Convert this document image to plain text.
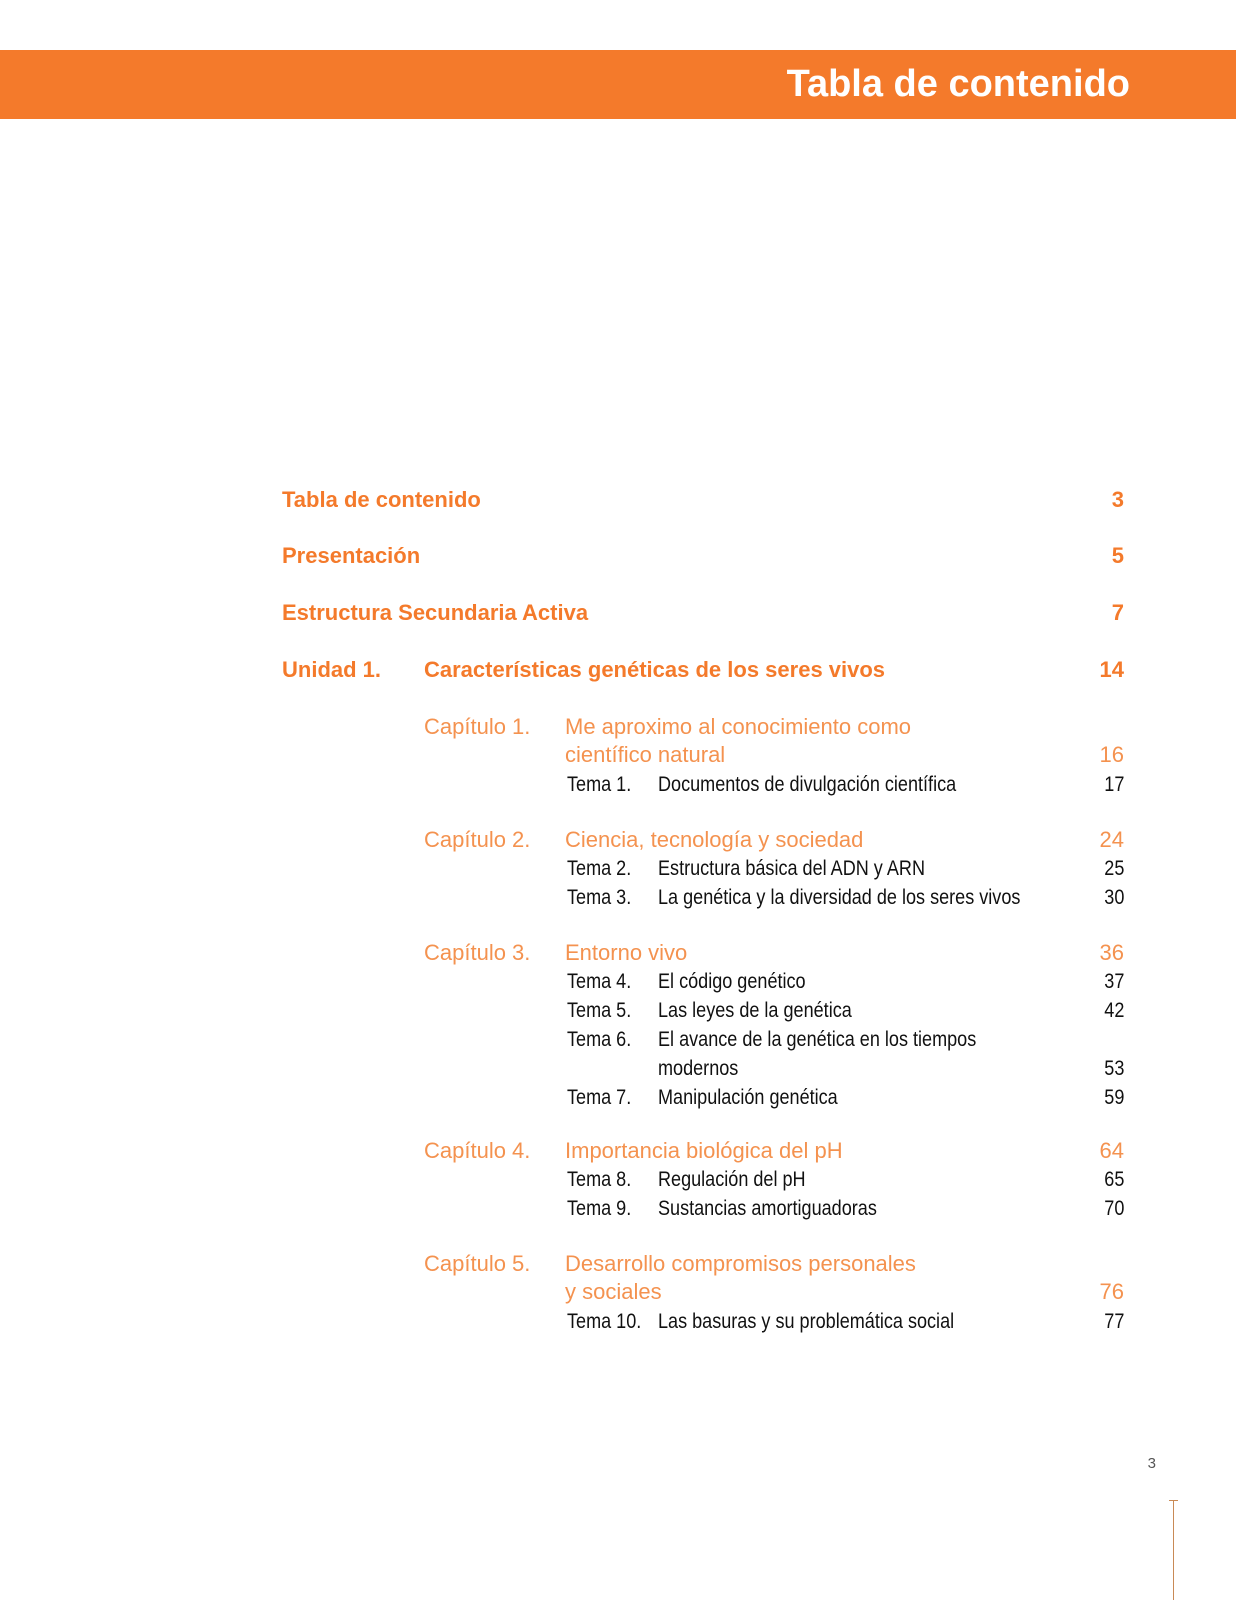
Tabla de contenido
Tabla de contenido	3
Presentación	5
Estructura Secundaria Activa	7
Unidad 1. Características genéticas de los seres vivos	14
Capítulo 1. Me aproximo al conocimiento como
científico natural	16
Tema 1. Documentos de divulgación científica	17
Capítulo 2. Ciencia, tecnología y sociedad	24
Tema 2. Estructura básica del ADN y ARN	25
Tema 3. La genética y la diversidad de los seres vivos	30
Capítulo 3. Entorno vivo	36
Tema 4. El código genético	37
Tema 5. Las leyes de la genética	42
Tema 6. El avance de la genética en los tiempos
modernos	53
Tema 7. Manipulación genética	59
Capítulo 4. Importancia biológica del pH	64
Tema 8. Regulación del pH	65
Tema 9. Sustancias amortiguadoras	70
Capítulo 5. Desarrollo compromisos personales
y sociales	76
Tema 10. Las basuras y su problemática social	77
3
